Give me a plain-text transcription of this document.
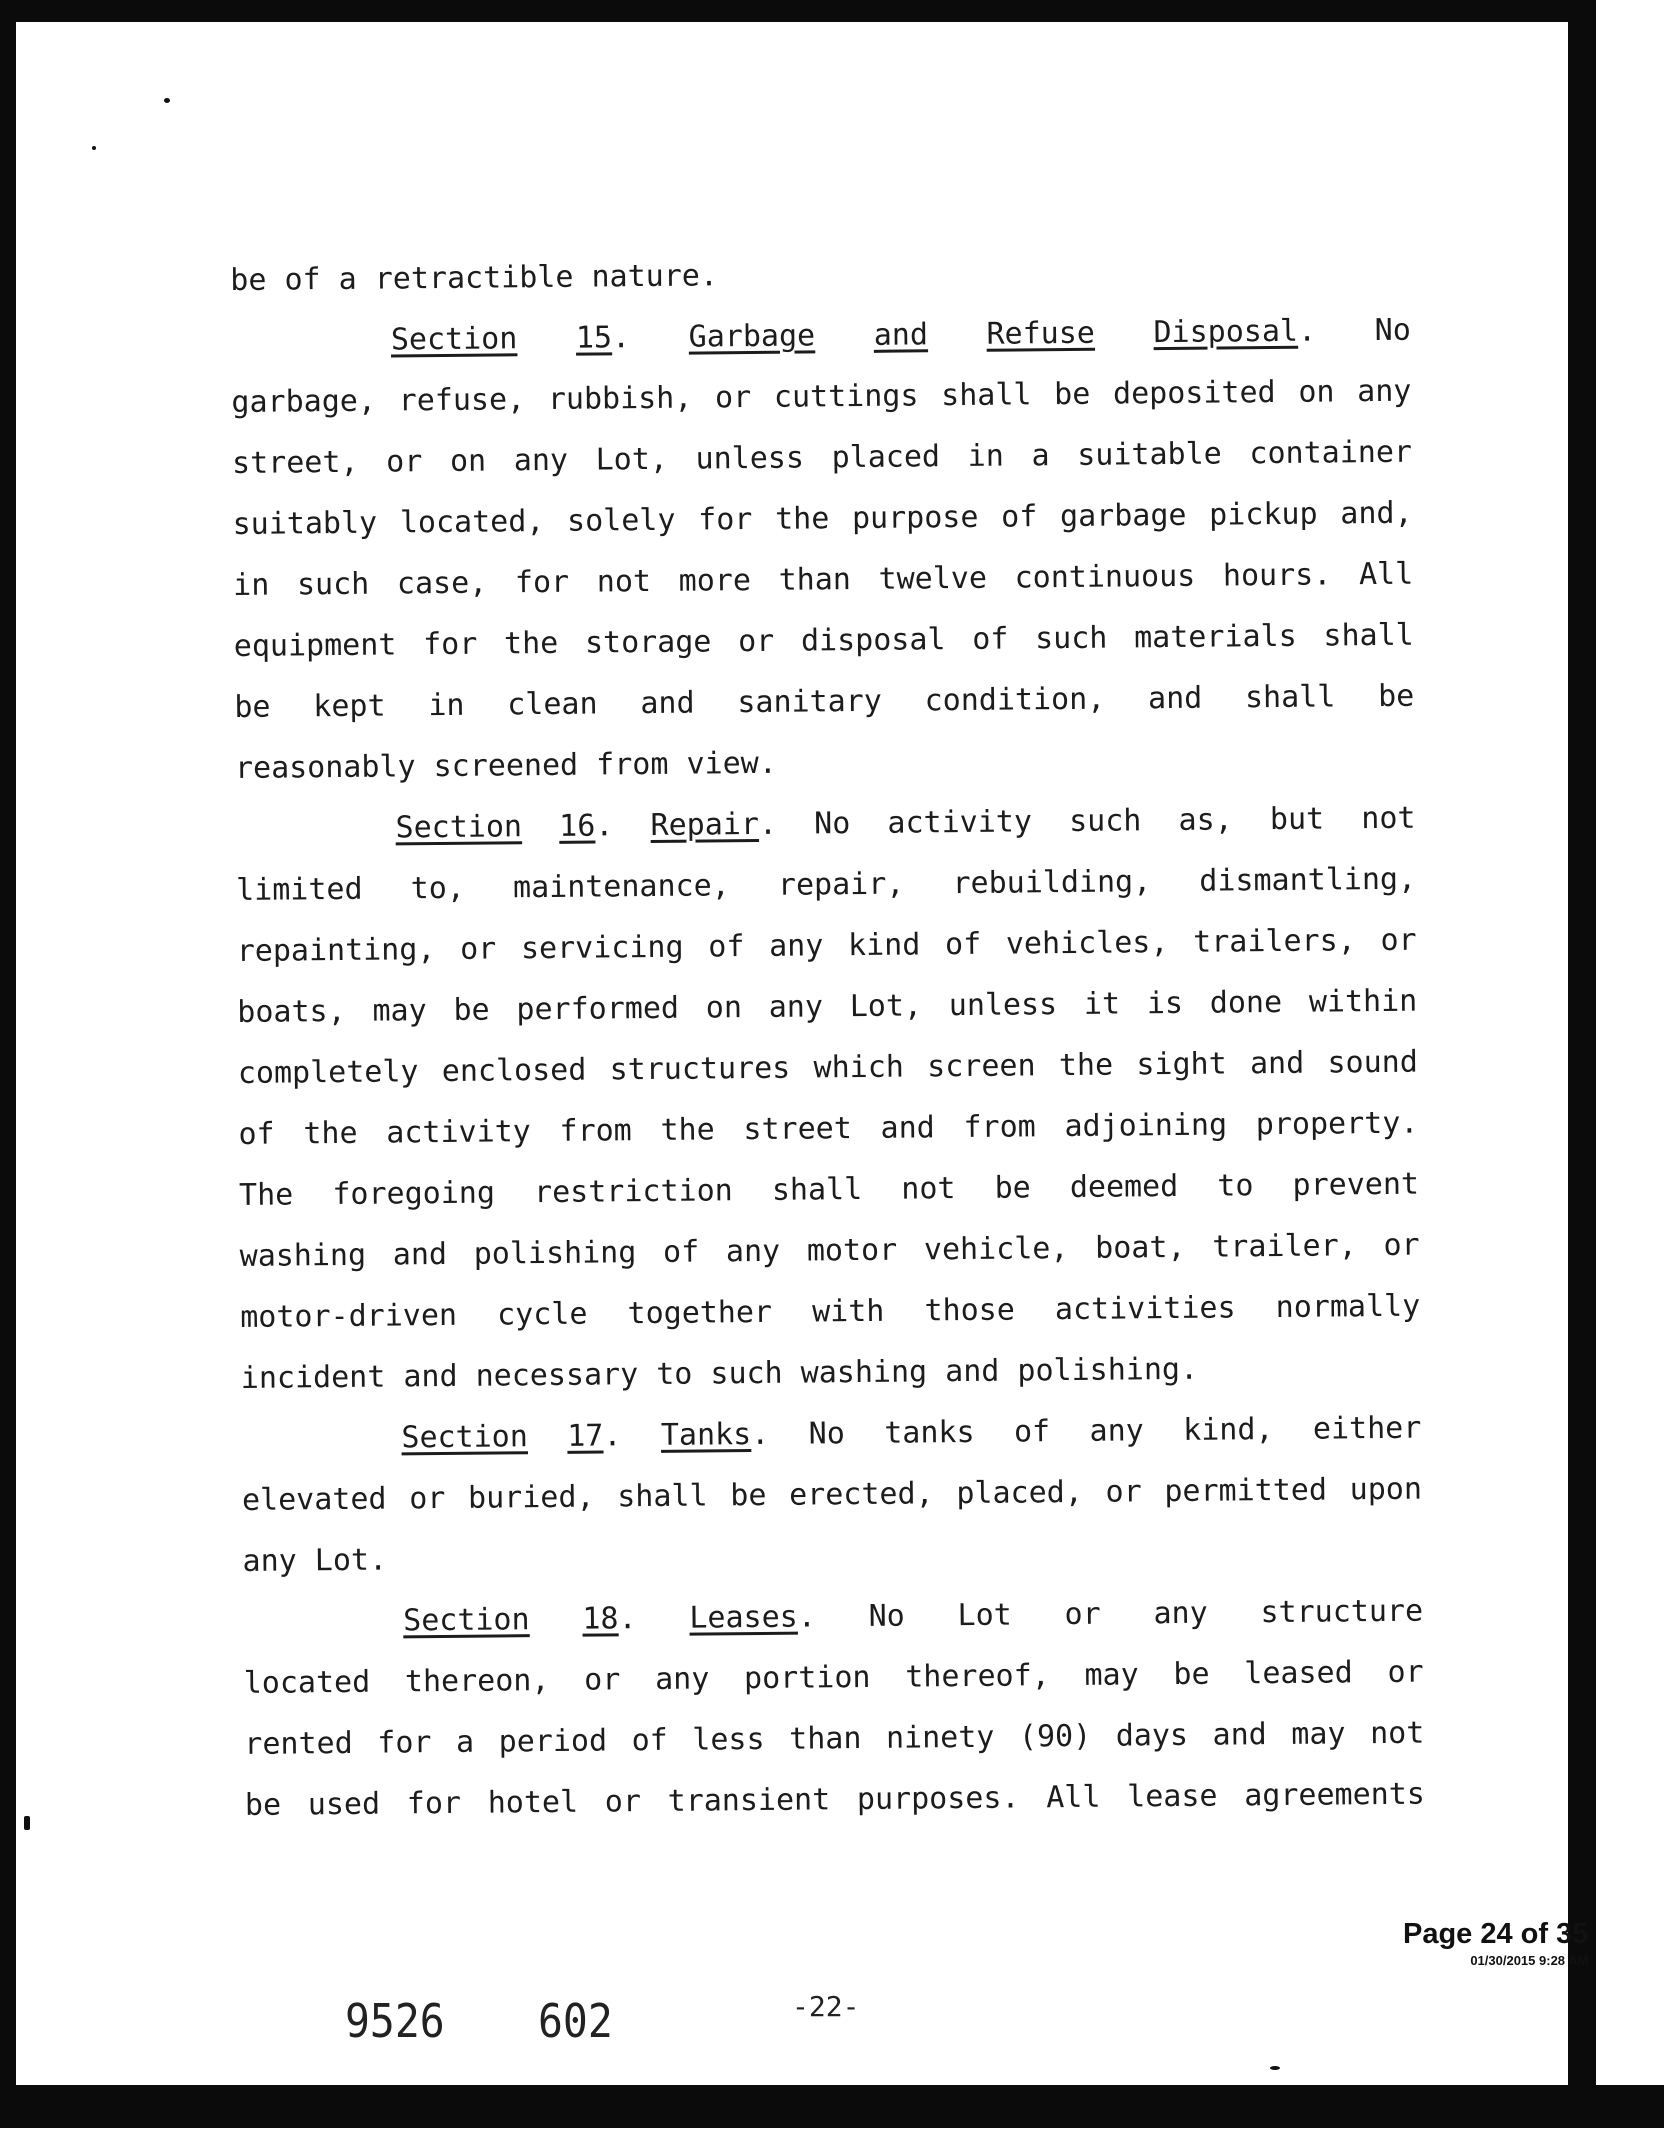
be of a retractible nature.
Section 15. Garbage and Refuse Disposal. No
garbage, refuse, rubbish, or cuttings shall be deposited on any
street, or on any Lot, unless placed in a suitable container
suitably located, solely for the purpose of garbage pickup and,
in such case, for not more than twelve continuous hours. All
equipment for the storage or disposal of such materials shall
be kept in clean and sanitary condition, and shall be
reasonably screened from view.
Section 16. Repair. No activity such as, but not
limited to, maintenance, repair, rebuilding, dismantling,
repainting, or servicing of any kind of vehicles, trailers, or
boats, may be performed on any Lot, unless it is done within
completely enclosed structures which screen the sight and sound
of the activity from the street and from adjoining property.
The foregoing restriction shall not be deemed to prevent
washing and polishing of any motor vehicle, boat, trailer, or
motor-driven cycle together with those activities normally
incident and necessary to such washing and polishing.
Section 17. Tanks. No tanks of any kind, either
elevated or buried, shall be erected, placed, or permitted upon
any Lot.
Section 18. Leases. No Lot or any structure
located thereon, or any portion thereof, may be leased or
rented for a period of less than ninety (90) days and may not
be used for hotel or transient purposes. All lease agreements
Page 24 of 35
01/30/2015 9:28 AM
9526 602	-22-
